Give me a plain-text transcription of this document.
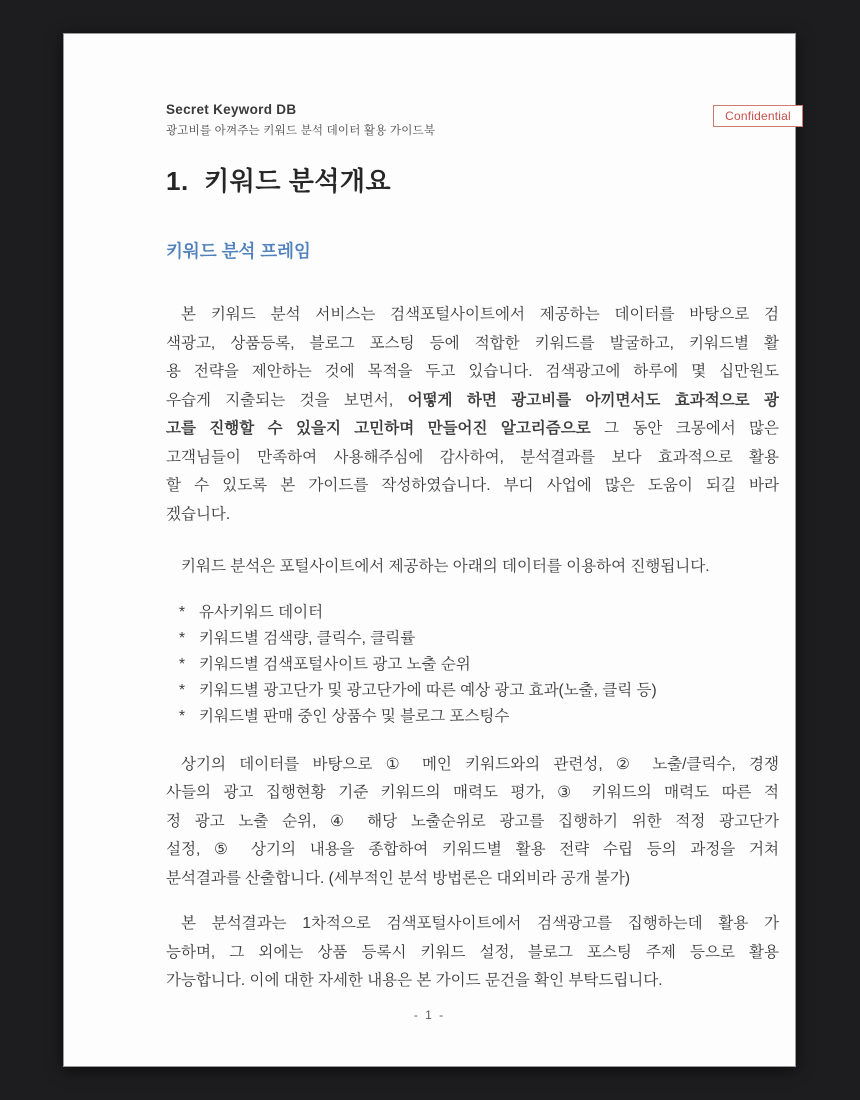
Secret Keyword DB
광고비를 아껴주는 키워드 분석 데이터 활용 가이드북
Confidential
1.  키워드 분석개요
키워드 분석 프레임
본 키워드 분석 서비스는 검색포털사이트에서 제공하는 데이터를 바탕으로 검
색광고, 상품등록, 블로그 포스팅 등에 적합한 키워드를 발굴하고, 키워드별 활
용 전략을 제안하는 것에 목적을 두고 있습니다. 검색광고에 하루에 몇 십만원도
우습게 지출되는 것을 보면서, 어떻게 하면 광고비를 아끼면서도 효과적으로 광
고를 진행할 수 있을지 고민하며 만들어진 알고리즘으로 그 동안 크몽에서 많은
고객님들이 만족하여 사용해주심에 감사하여, 분석결과를 보다 효과적으로 활용
할 수 있도록 본 가이드를 작성하였습니다. 부디 사업에 많은 도움이 되길 바라
겠습니다.
키워드 분석은 포털사이트에서 제공하는 아래의 데이터를 이용하여 진행됩니다.
* 유사키워드 데이터
* 키워드별 검색량, 클릭수, 클릭률
* 키워드별 검색포털사이트 광고 노출 순위
* 키워드별 광고단가 및 광고단가에 따른 예상 광고 효과(노출, 클릭 등)
* 키워드별 판매 중인 상품수 및 블로그 포스팅수
상기의 데이터를 바탕으로 ① 메인 키워드와의 관련성, ② 노출/클릭수, 경쟁
사들의 광고 집행현황 기준 키워드의 매력도 평가, ③ 키워드의 매력도 따른 적
정 광고 노출 순위, ④ 해당 노출순위로 광고를 집행하기 위한 적정 광고단가
설정, ⑤ 상기의 내용을 종합하여 키워드별 활용 전략 수립 등의 과정을 거쳐
분석결과를 산출합니다. (세부적인 분석 방법론은 대외비라 공개 불가)
본 분석결과는 1차적으로 검색포털사이트에서 검색광고를 집행하는데 활용 가
능하며, 그 외에는 상품 등록시 키워드 설정, 블로그 포스팅 주제 등으로 활용
가능합니다. 이에 대한 자세한 내용은 본 가이드 문건을 확인 부탁드립니다.
- 1 -
